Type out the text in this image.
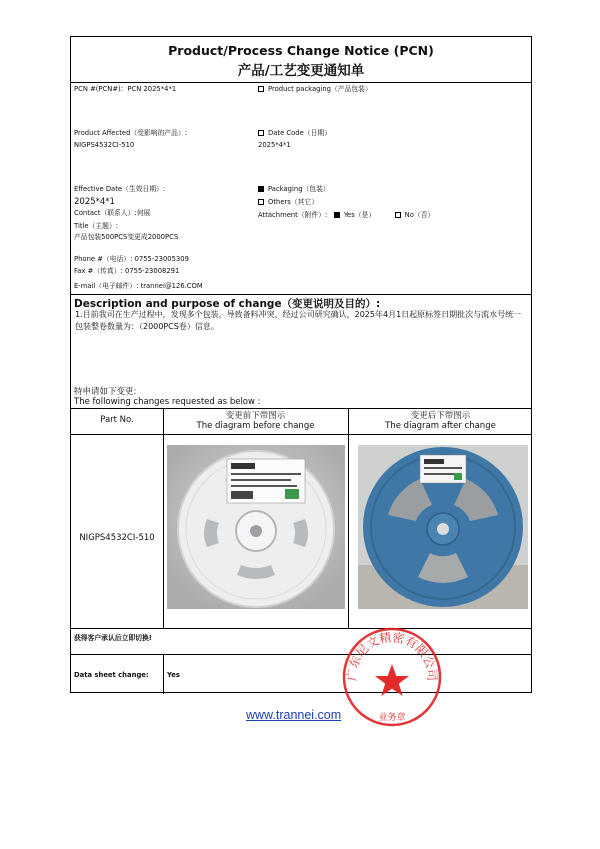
Product/Process Change Notice (PCN)
产品/工艺变更通知单
PCN #(PCN#): PCN 2025*4*1	Product packaging（产品包装）
Product Affected（受影响的产品）:
NIGPS4532CI-510
Date Code（日期）
2025*4*1
Effective Date（生效日期）:
2025*4*1
Packaging（包装）
Others（其它）
Attachment（附件）: Yes（是）	No（否）
Contact（联系人）:何展
Title（主题）:
产品包装500PCS变更成2000PCS
Phone #（电话）: 0755-23005309
Fax #（传真）: 0755-23008291
E-mail（电子邮件）: trannei@126.COM
Description and purpose of change（变更说明及目的）:
1.目前我司在生产过程中，发现多个包装，导致备料冲突，经过公司研究确认，2025年4月1日起原标签日期批次与流水号统一包装整卷数量为：（2000PCS卷）信息。
特申请如下变更:
The following changes requested as below :
Part No.	变更前下带图示
The diagram before change
变更后下带图示
The diagram after change
NIGPS4532CI-510
获得客户承认后立即切换!
Data sheet change:	Yes
www.trannei.com
广东尼文精密有限公司
业务章
